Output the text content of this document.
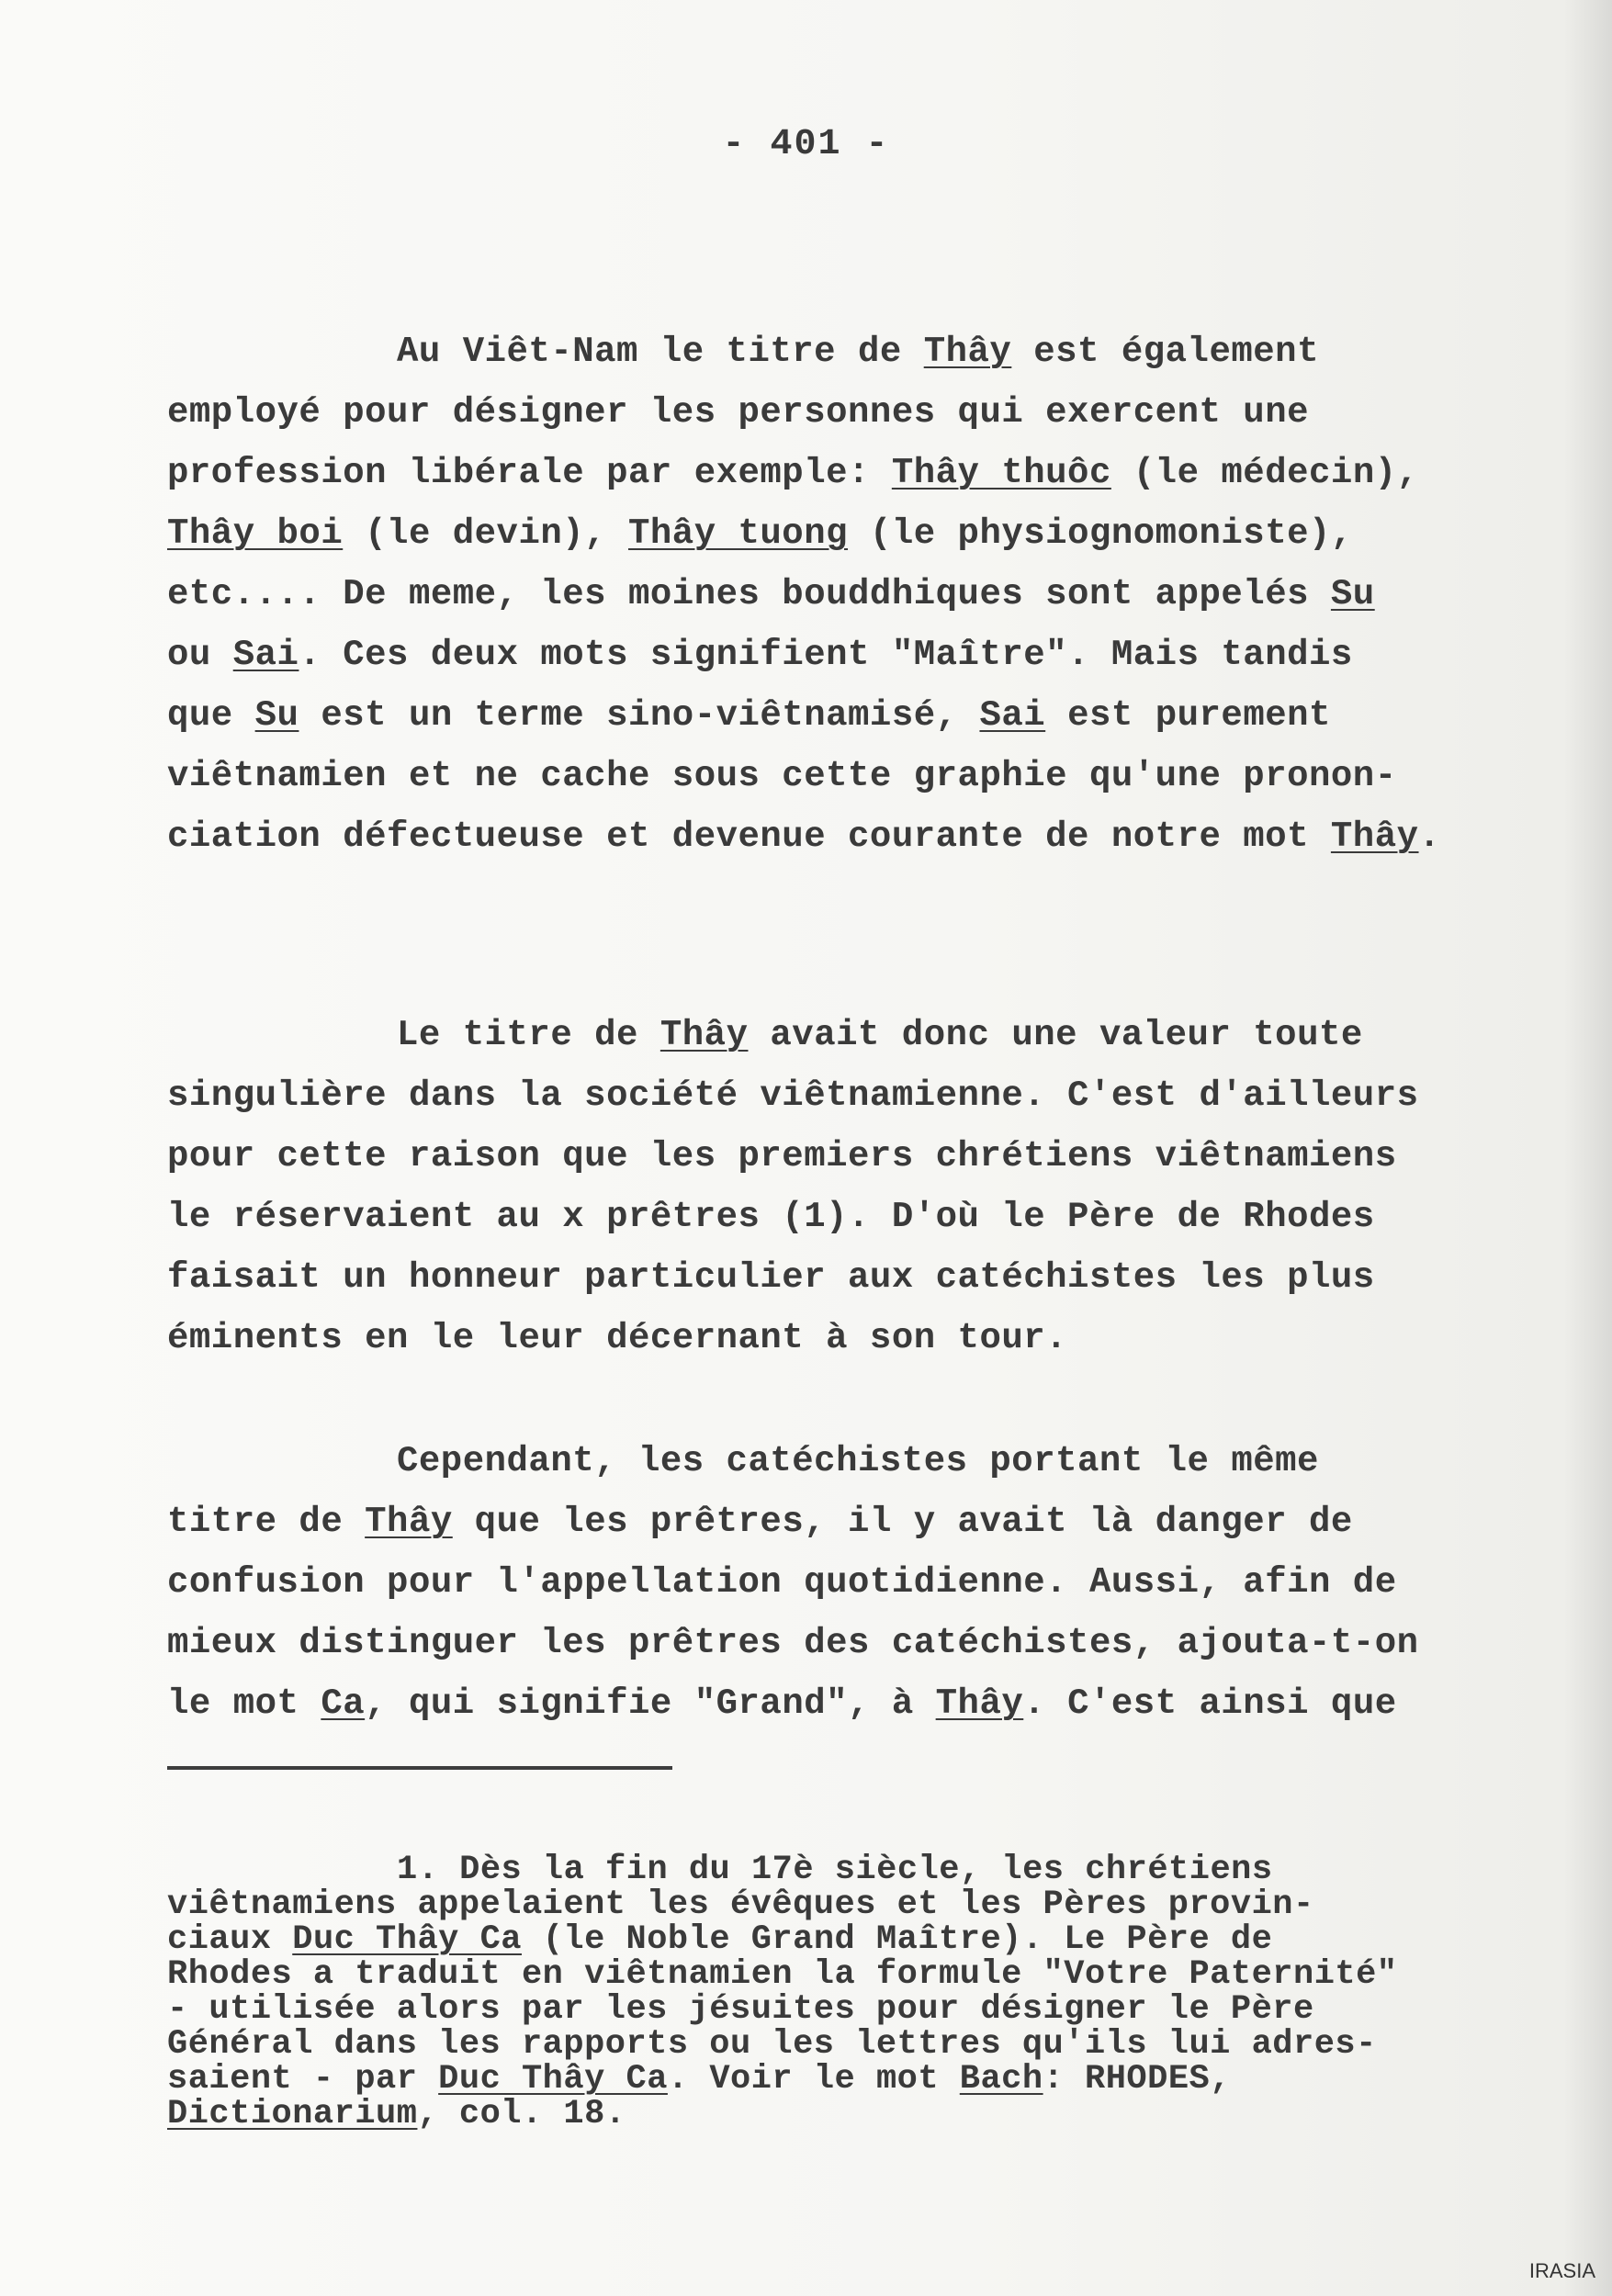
- 401 -
Au Viêt-Nam le titre de Thây est également
employé pour désigner les personnes qui exercent une
profession libérale par exemple: Thây thuôc (le médecin),
Thây boi (le devin), Thây tuong (le physiognomoniste),
etc.... De meme, les moines bouddhiques sont appelés Su
ou Sai. Ces deux mots signifient "Maître". Mais tandis
que Su est un terme sino-viêtnamisé, Sai est purement
viêtnamien et ne cache sous cette graphie qu'une pronon-
ciation défectueuse et devenue courante de notre mot Thây.
Le titre de Thây avait donc une valeur toute
singulière dans la société viêtnamienne. C'est d'ailleurs
pour cette raison que les premiers chrétiens viêtnamiens
le réservaient au x prêtres (1). D'où le Père de Rhodes
faisait un honneur particulier aux catéchistes les plus
éminents en le leur décernant à son tour.
Cependant, les catéchistes portant le même
titre de Thây que les prêtres, il y avait là danger de
confusion pour l'appellation quotidienne. Aussi, afin de
mieux distinguer les prêtres des catéchistes, ajouta-t-on
le mot Ca, qui signifie "Grand", à Thây. C'est ainsi que
1. Dès la fin du 17è siècle, les chrétiens
viêtnamiens appelaient les évêques et les Pères provin-
ciaux Duc Thây Ca (le Noble Grand Maître). Le Père de
Rhodes a traduit en viêtnamien la formule "Votre Paternité"
- utilisée alors par les jésuites pour désigner le Père
Général dans les rapports ou les lettres qu'ils lui adres-
saient - par Duc Thây Ca. Voir le mot Bach: RHODES,
Dictionarium, col. 18.
IRASIA
